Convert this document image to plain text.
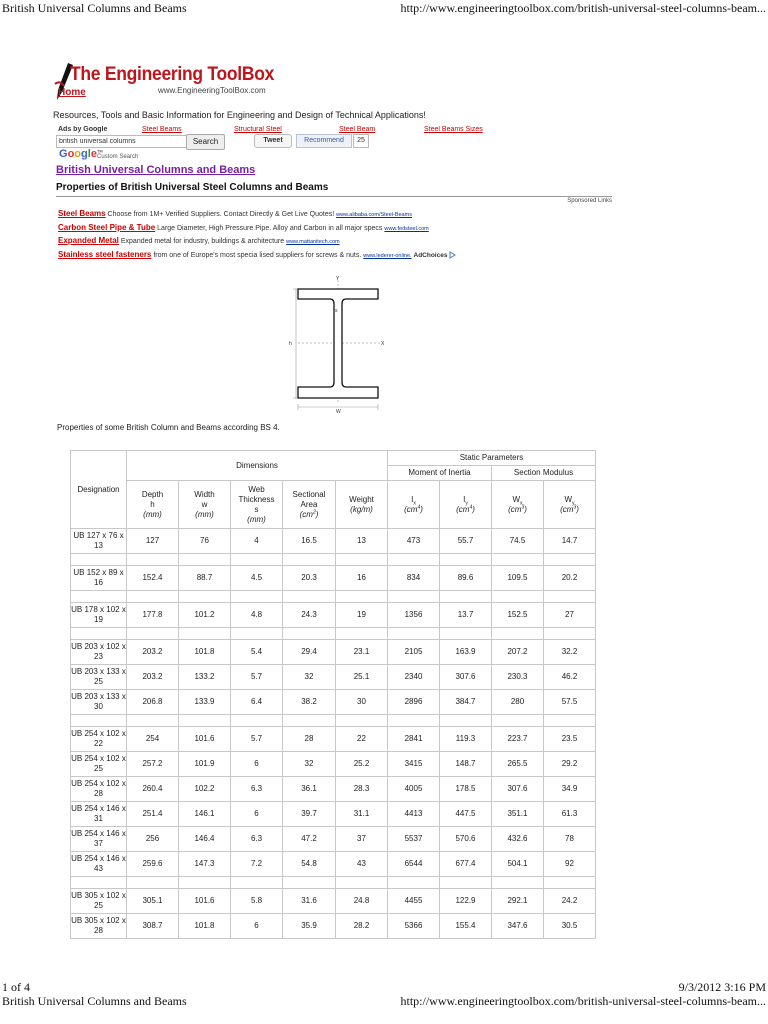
British Universal Columns and Beams	http://www.engineeringtoolbox.com/british-universal-steel-columns-beam...
The Engineering ToolBox
Home	www.EngineeringToolBox.com
Resources, Tools and Basic Information for Engineering and Design of Technical Applications!
Ads by Google	Steel Beams	Structural Steel	Steel Beam	Steel Beams Sizes
british universal columns
Search
Google™
Custom Search
Tweet	Recommend	25
British Universal Columns and Beams
Properties of British Universal Steel Columns and Beams
Sponsored Links
Steel Beams Choose from 1M+ Verified Suppliers. Contact Directly & Get Live Quotes! www.alibaba.com/Steel-Beams
Carbon Steel Pipe & Tube Large Diameter, High Pressure Pipe. Alloy and Carbon in all major specs www.fedsteel.com
Expanded Metal Expanded metal for industry, buildings & architecture www.mattanitech.com
Stainless steel fasteners from one of Europe's most specia lised suppliers for screws & nuts. www.lederer-online. AdChoices
Y
X
h
s
W
Properties of some British Column and Beams according BS 4.
Designation	Dimensions					Static Parameters			
						Moment of Inertia		Section Modulus	
	Depth
h
(mm)	Width
w
(mm)	Web
Thickness
s
(mm)	Sectional
Area
$(cm^2)$	Weight
(kg/m)	$I_x$
$(cm^4)$	$I_y$
$(cm^4)$	$W_x$
$(cm^3)$	$W_y$
$(cm^3)$
UB 127 x 76 x 13	127	76	4	16.5	13	473	55.7	74.5	14.7

UB 152 x 89 x 16	152.4	88.7	4.5	20.3	16	834	89.6	109.5	20.2

UB 178 x 102 x 19	177.8	101.2	4.8	24.3	19	1356	13.7	152.5	27

UB 203 x 102 x 23	203.2	101.8	5.4	29.4	23.1	2105	163.9	207.2	32.2
UB 203 x 133 x 25	203.2	133.2	5.7	32	25.1	2340	307.6	230.3	46.2
UB 203 x 133 x 30	206.8	133.9	6.4	38.2	30	2896	384.7	280	57.5

UB 254 x 102 x 22	254	101.6	5.7	28	22	2841	119.3	223.7	23.5
UB 254 x 102 x 25	257.2	101.9	6	32	25.2	3415	148.7	265.5	29.2
UB 254 x 102 x 28	260.4	102.2	6.3	36.1	28.3	4005	178.5	307.6	34.9
UB 254 x 146 x 31	251.4	146.1	6	39.7	31.1	4413	447.5	351.1	61.3
UB 254 x 146 x 37	256	146.4	6.3	47.2	37	5537	570.6	432.6	78
UB 254 x 146 x 43	259.6	147.3	7.2	54.8	43	6544	677.4	504.1	92

UB 305 x 102 x 25	305.1	101.6	5.8	31.6	24.8	4455	122.9	292.1	24.2
UB 305 x 102 x 28	308.7	101.8	6	35.9	28.2	5366	155.4	347.6	30.5
1 of 4	9/3/2012 3:16 PM
British Universal Columns and Beams	http://www.engineeringtoolbox.com/british-universal-steel-columns-beam...
